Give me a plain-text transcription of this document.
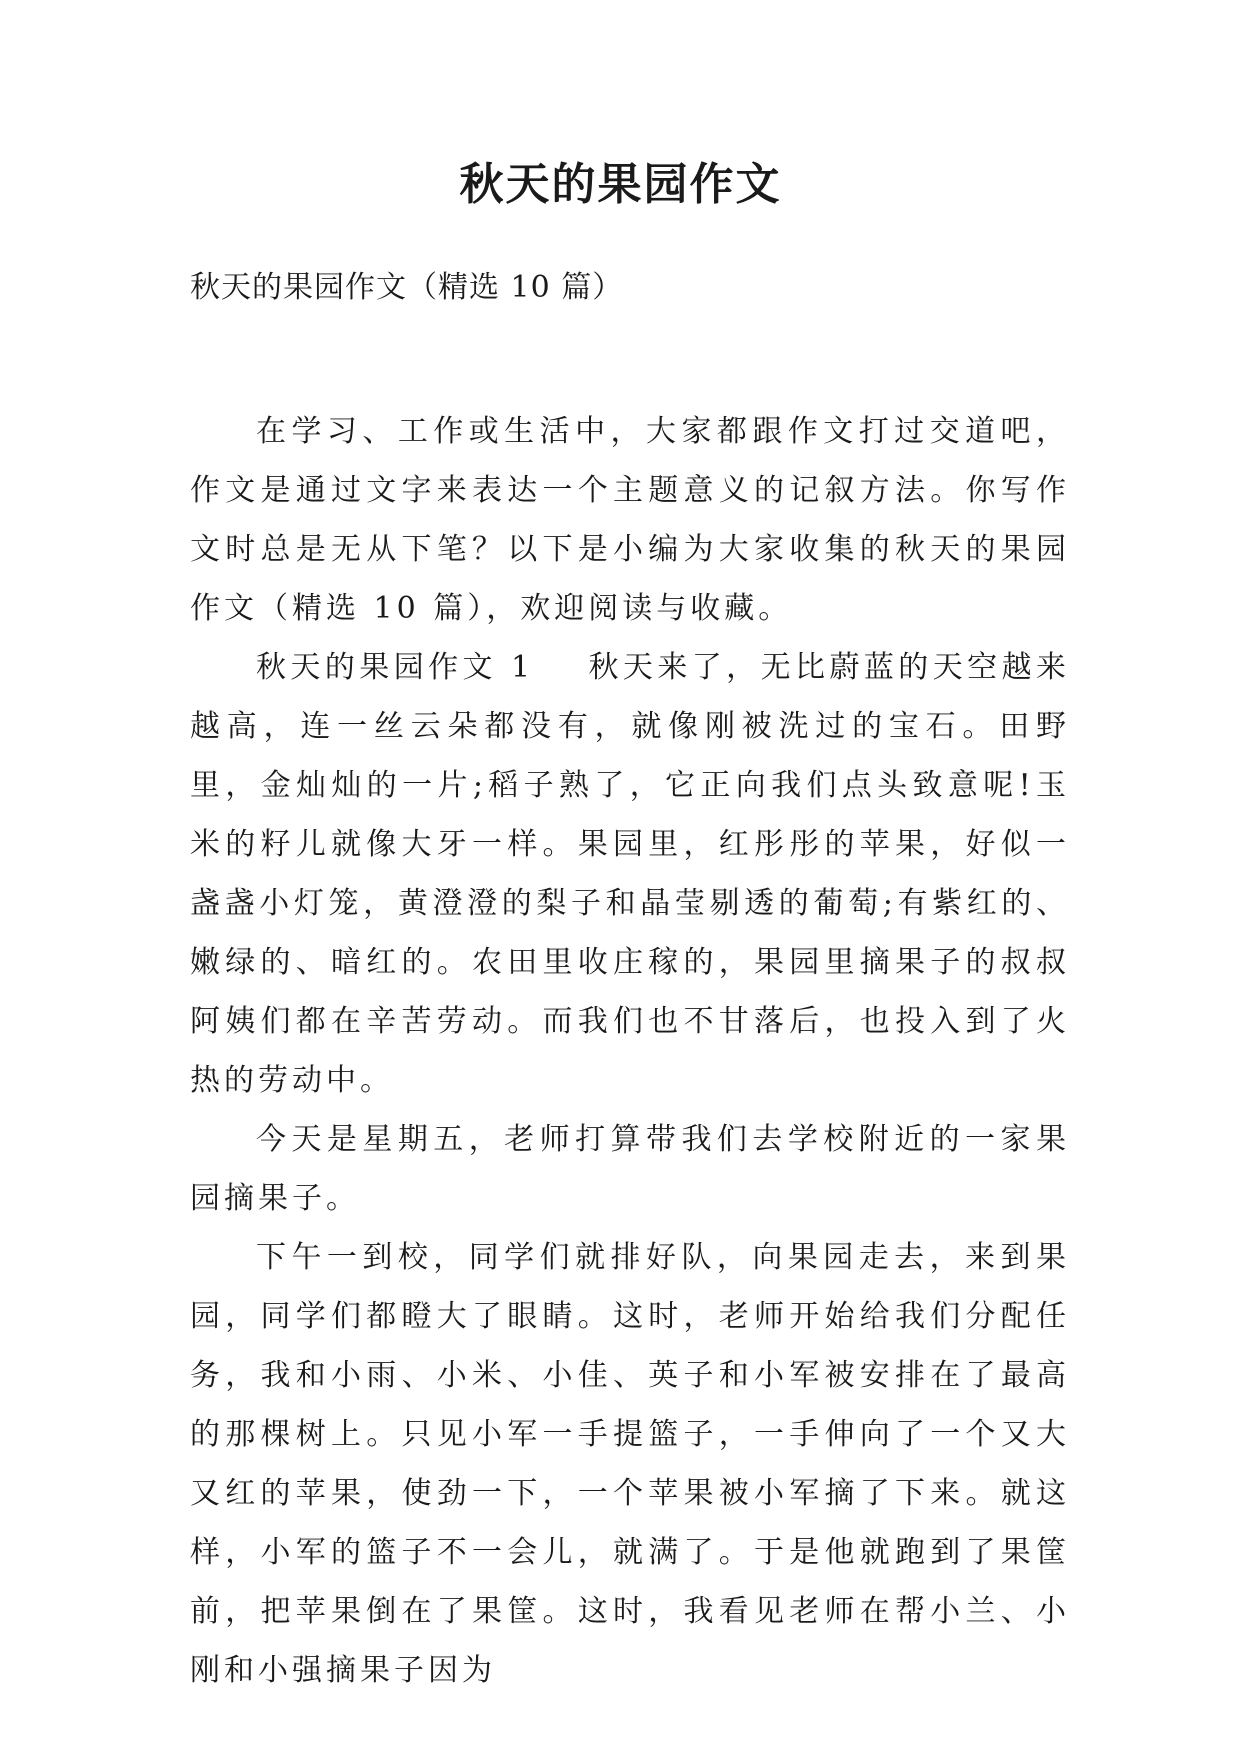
秋天的果园作文
秋天的果园作文（精选 10 篇）

在学习、工作或生活中，大家都跟作文打过交道吧，作文是通过文字来表达一个主题意义的记叙方法。你写作文时总是无从下笔？以下是小编为大家收集的秋天的果园作文（精选 10 篇），欢迎阅读与收藏。

秋天的果园作文 1 秋天来了，无比蔚蓝的天空越来越高，连一丝云朵都没有，就像刚被洗过的宝石。田野里，金灿灿的一片;稻子熟了，它正向我们点头致意呢!玉米的籽儿就像大牙一样。果园里，红彤彤的苹果，好似一盏盏小灯笼，黄澄澄的梨子和晶莹剔透的葡萄;有紫红的、嫩绿的、暗红的。农田里收庄稼的，果园里摘果子的叔叔阿姨们都在辛苦劳动。而我们也不甘落后，也投入到了火热的劳动中。

今天是星期五，老师打算带我们去学校附近的一家果园摘果子。

下午一到校，同学们就排好队，向果园走去，来到果园，同学们都瞪大了眼睛。这时，老师开始给我们分配任务，我和小雨、小米、小佳、英子和小军被安排在了最高的那棵树上。只见小军一手提篮子，一手伸向了一个又大又红的苹果，使劲一下，一个苹果被小军摘了下来。就这样，小军的篮子不一会儿，就满了。于是他就跑到了果筐前，把苹果倒在了果筐。这时，我看见老师在帮小兰、小刚和小强摘果子因为
